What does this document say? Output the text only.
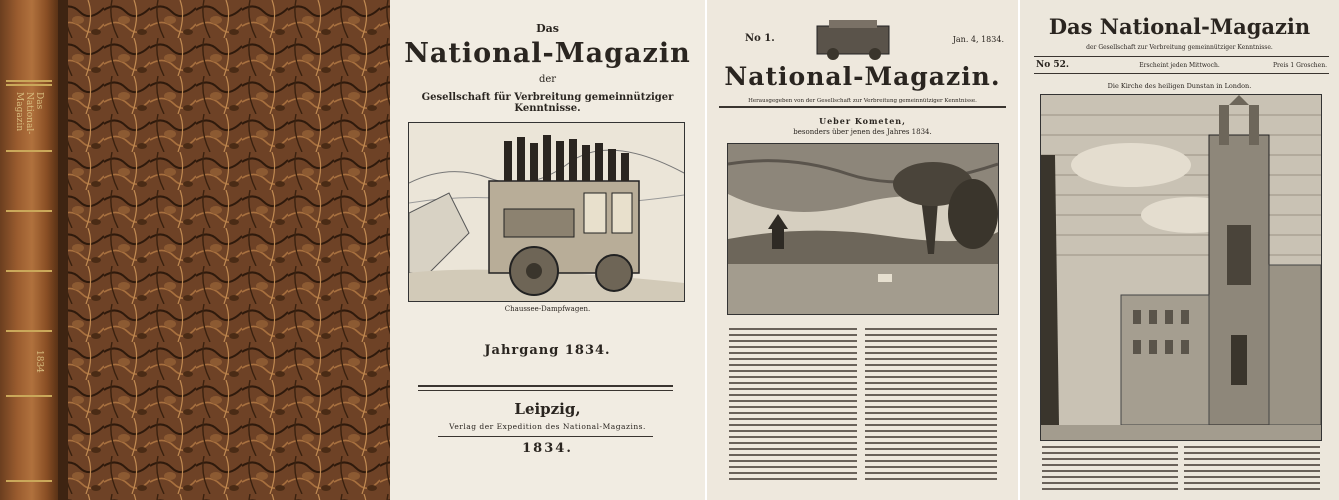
Das National-Magazin
1834
Das
National-Magazin
der
Gesellschaft für Verbreitung gemeinnütziger Kenntnisse.
Chaussee-Dampfwagen.
Jahrgang 1834.
Leipzig,
Verlag der Expedition des National-Magazins.
1834.
No 1.	Jan. 4, 1834.
National-Magazin.
Herausgegeben von der Gesellschaft zur Verbreitung gemeinnütziger Kenntnisse.
Ueber Kometen,
besonders über jenen des Jahres 1834.
Das National-Magazin
der Gesellschaft zur Verbreitung gemeinnütziger Kenntnisse.
No 52.	Erscheint jeden Mittwoch.	Preis 1 Groschen.
Die Kirche des heiligen Dunstan in London.
